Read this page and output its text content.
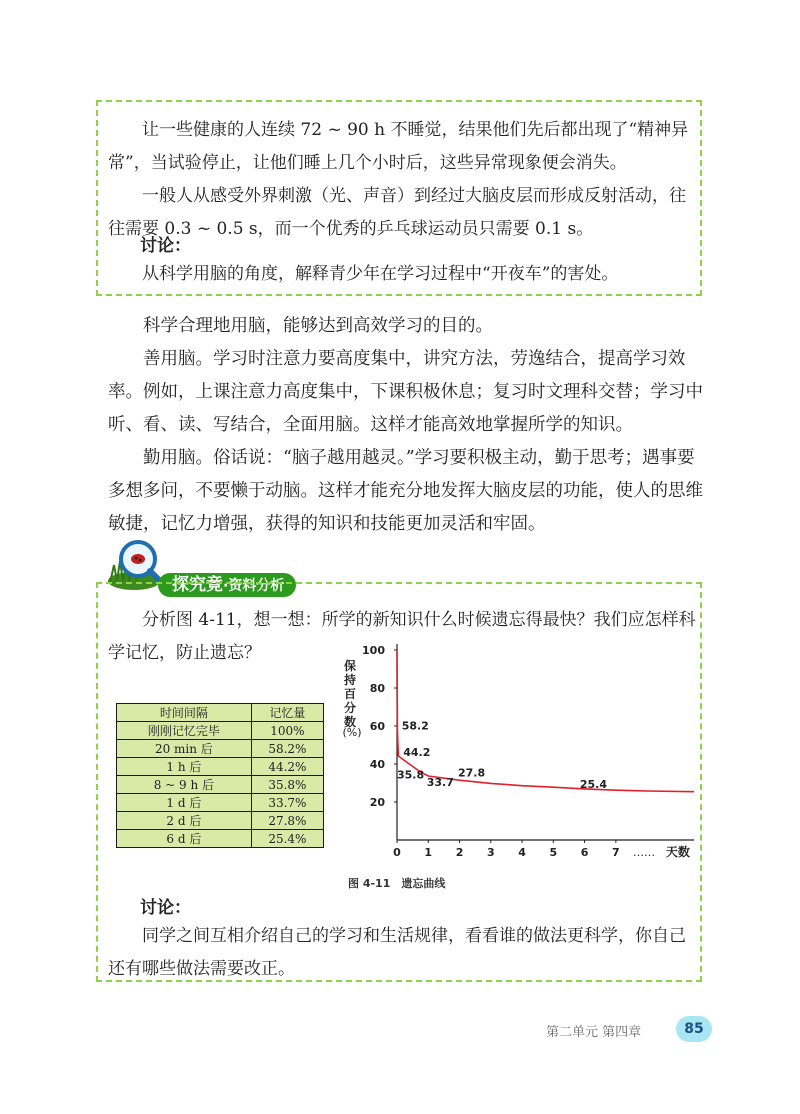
　　让一些健康的人连续 72 ~ 90 h 不睡觉，结果他们先后都出现了“精神异常”，当试验停止，让他们睡上几个小时后，这些异常现象便会消失。

　　一般人从感受外界刺激（光、声音）到经过大脑皮层而形成反射活动，往往需要 0.3 ~ 0.5 s，而一个优秀的乒乓球运动员只需要 0.1 s。

讨论：

　　从科学用脑的角度，解释青少年在学习过程中“开夜车”的害处。

　　科学合理地用脑，能够达到高效学习的目的。

　　善用脑。学习时注意力要高度集中，讲究方法，劳逸结合，提高学习效率。例如，上课注意力高度集中，下课积极休息；复习时文理科交替；学习中听、看、读、写结合，全面用脑。这样才能高效地掌握所学的知识。

　　勤用脑。俗话说：“脑子越用越灵。”学习要积极主动，勤于思考；遇事要多想多问，不要懒于动脑。这样才能充分地发挥大脑皮层的功能，使人的思维敏捷，记忆力增强，获得的知识和技能更加灵活和牢固。

探究竟·资料分析

　　分析图 4-11，想一想：所学的新知识什么时候遗忘得最快？我们应怎样科学记忆，防止遗忘？

时间间隔	记忆量
刚刚记忆完毕	100%
20 min 后	58.2%
1 h 后	44.2%
8 ~ 9 h 后	35.8%
1 d 后	33.7%
2 d 后	27.8%
6 d 后	25.4%
保
持
百
分
数
(%)
20
40
60
80
100
0 1 2 3 4 5 6 7 …… 天数
58.2
44.2
35.8
33.7
27.8
25.4
图 4-11　遗忘曲线

讨论：

　　同学之间互相介绍自己的学习和生活规律，看看谁的做法更科学，你自己还有哪些做法需要改正。

第二单元 第四章	85
